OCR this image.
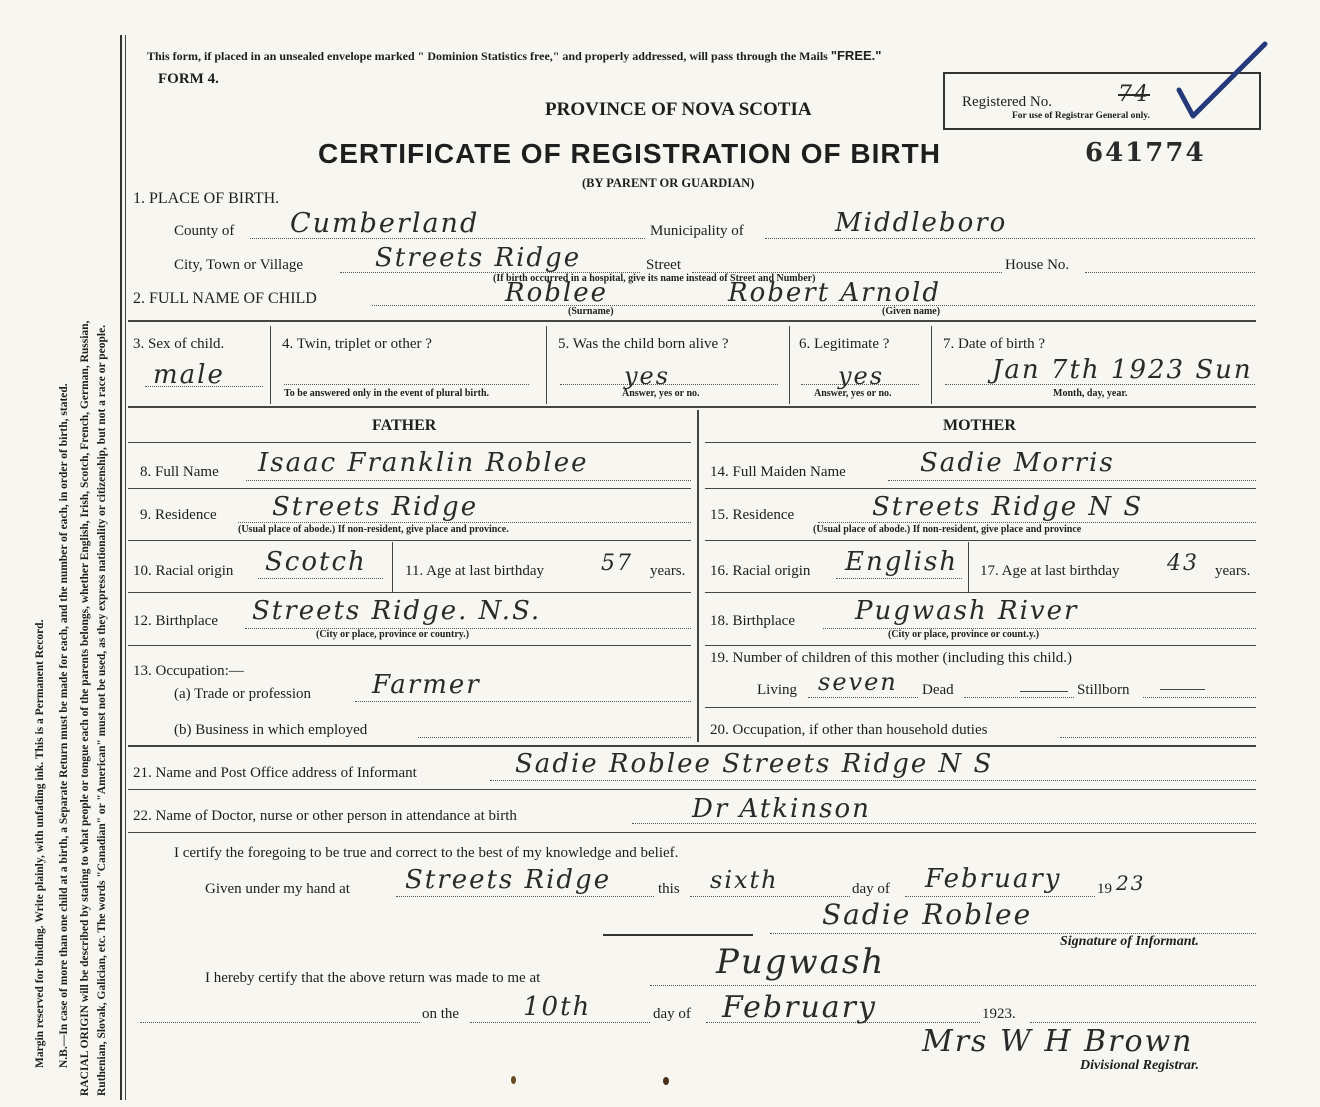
Margin reserved for binding. Write plainly, with unfading ink. This is a Permanent Record. N.B.—In case of more than one child at a birth, a Separate Return must be made for each, and the number of each, in order of birth, stated. RACIAL ORIGIN will be described by stating to what people or tongue each of the parents belongs, whether English, Irish, Scotch, French, German, Russian, Ruthenian, Slovak, Galician, etc. The words "Canadian" or "American" must not be used, as they express nationality or citizenship, but not a race or people.
This form, if placed in an unsealed envelope marked " Dominion Statistics free," and properly addressed, will pass through the Mails "FREE."
FORM 4.
PROVINCE OF NOVA SCOTIA	Registered No.	74
For use of Registrar General only.
CERTIFICATE OF REGISTRATION OF BIRTH	641774
(BY PARENT OR GUARDIAN)
1. PLACE OF BIRTH.
County of Cumberland	Municipality of	Middleboro
City, Town or Village	Streets Ridge	Street	House No.
(If birth occurred in a hospital, give its name instead of Street and Number)
2. FULL NAME OF CHILD	Roblee	Robert Arnold
(Surname)	(Given name)
3. Sex of child.
male
4. Twin, triplet or other ?
To be answered only in the event of plural birth.
5. Was the child born alive ?
yes
Answer, yes or no.
6. Legitimate ?
yes
Answer, yes or no.
7. Date of birth ?
Jan 7th 1923 Sun
Month, day, year.
FATHER	MOTHER
8. Full Name Isaac Franklin Roblee
9. Residence Streets Ridge
(Usual place of abode.) If non-resident, give place and province.
10. Racial origin Scotch	11. Age at last birthday	57 years.
12. Birthplace Streets Ridge. N.S.
(City or place, province or country.)
13. Occupation:—
(a) Trade or profession Farmer
(b) Business in which employed
14. Full Maiden Name	Sadie Morris
15. Residence	Streets Ridge N S
(Usual place of abode.) If non-resident, give place and province
16. Racial origin English 17. Age at last birthday 43 years.
18. Birthplace Pugwash River
(City or place, province or count.y.)
19. Number of children of this mother (including this child.)
Living seven Dead	Stillborn
20. Occupation, if other than household duties
21. Name and Post Office address of Informant	Sadie Roblee Streets Ridge N S
22. Name of Doctor, nurse or other person in attendance at birth	Dr Atkinson
I certify the foregoing to be true and correct to the best of my knowledge and belief.
Given under my hand at Streets Ridge	this sixth	day of February 19 23
Sadie Roblee
Signature of Informant.
I hereby certify that the above return was made to me at	Pugwash
on the 10th	day of February	1923.
Mrs W H Brown
Divisional Registrar.
